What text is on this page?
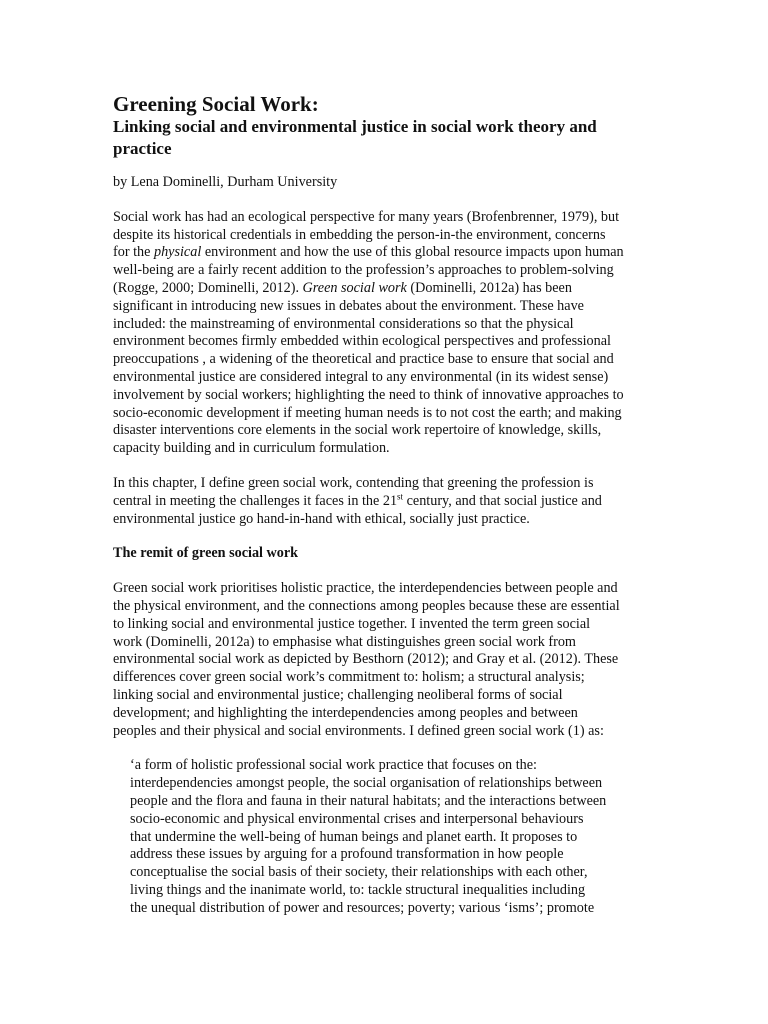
Greening Social Work:
Linking social and environmental justice in social work theory and
practice

by Lena Dominelli, Durham University

Social work has had an ecological perspective for many years (Brofenbrenner, 1979), but

despite its historical credentials in embedding the person-in-the environment, concerns

for the physical environment and how the use of this global resource impacts upon human

well-being are a fairly recent addition to the profession’s approaches to problem-solving

(Rogge, 2000; Dominelli, 2012). Green social work (Dominelli, 2012a) has been

significant in introducing new issues in debates about the environment. These have

included: the mainstreaming of environmental considerations so that the physical

environment becomes firmly embedded within ecological perspectives and professional

preoccupations , a widening of the theoretical and practice base to ensure that social and

environmental justice are considered integral to any environmental (in its widest sense)

involvement by social workers; highlighting the need to think of innovative approaches to

socio-economic development if meeting human needs is to not cost the earth; and making

disaster interventions core elements in the social work repertoire of knowledge, skills,

capacity building and in curriculum formulation.

In this chapter, I define green social work, contending that greening the profession is

central in meeting the challenges it faces in the 21st century, and that social justice and

environmental justice go hand-in-hand with ethical, socially just practice.

The remit of green social work

Green social work prioritises holistic practice, the interdependencies between people and

the physical environment, and the connections among peoples because these are essential

to linking social and environmental justice together. I invented the term green social

work (Dominelli, 2012a) to emphasise what distinguishes green social work from

environmental social work as depicted by Besthorn (2012); and Gray et al. (2012). These

differences cover green social work’s commitment to: holism; a structural analysis;

linking social and environmental justice; challenging neoliberal forms of social

development; and highlighting the interdependencies among peoples and between

peoples and their physical and social environments. I defined green social work (1) as:

‘a form of holistic professional social work practice that focuses on the:

interdependencies amongst people, the social organisation of relationships between

people and the flora and fauna in their natural habitats; and the interactions between

socio-economic and physical environmental crises and interpersonal behaviours

that undermine the well-being of human beings and planet earth. It proposes to

address these issues by arguing for a profound transformation in how people

conceptualise the social basis of their society, their relationships with each other,

living things and the inanimate world, to: tackle structural inequalities including

the unequal distribution of power and resources; poverty; various ‘isms’; promote
